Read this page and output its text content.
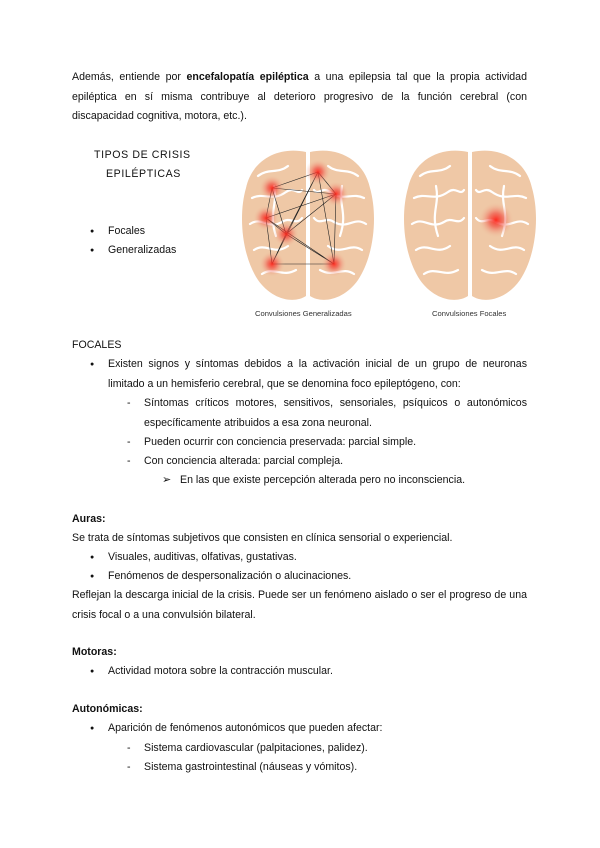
Además, entiende por encefalopatía epiléptica a una epilepsia tal que la propia actividad epiléptica en sí misma contribuye al deterioro progresivo de la función cerebral (con discapacidad cognitiva, motora, etc.).
TIPOS DE CRISIS
EPILÉPTICAS
● Focales
● Generalizadas
Convulsiones Generalizadas	Convulsiones Focales
FOCALES
● Existen signos y síntomas debidos a la activación inicial de un grupo de neuronas limitado a un hemisferio cerebral, que se denomina foco epileptógeno, con:
- Síntomas críticos motores, sensitivos, sensoriales, psíquicos o autonómicos específicamente atribuidos a esa zona neuronal.
- Pueden ocurrir con conciencia preservada: parcial simple.
- Con conciencia alterada: parcial compleja.
➢ En las que existe percepción alterada pero no inconsciencia.
Auras:
Se trata de síntomas subjetivos que consisten en clínica sensorial o experiencial.
● Visuales, auditivas, olfativas, gustativas.
● Fenómenos de despersonalización o alucinaciones.
Reflejan la descarga inicial de la crisis. Puede ser un fenómeno aislado o ser el progreso de una crisis focal o a una convulsión bilateral.
Motoras:
● Actividad motora sobre la contracción muscular.
Autonómicas:
● Aparición de fenómenos autonómicos que pueden afectar:
- Sistema cardiovascular (palpitaciones, palidez).
- Sistema gastrointestinal (náuseas y vómitos).
